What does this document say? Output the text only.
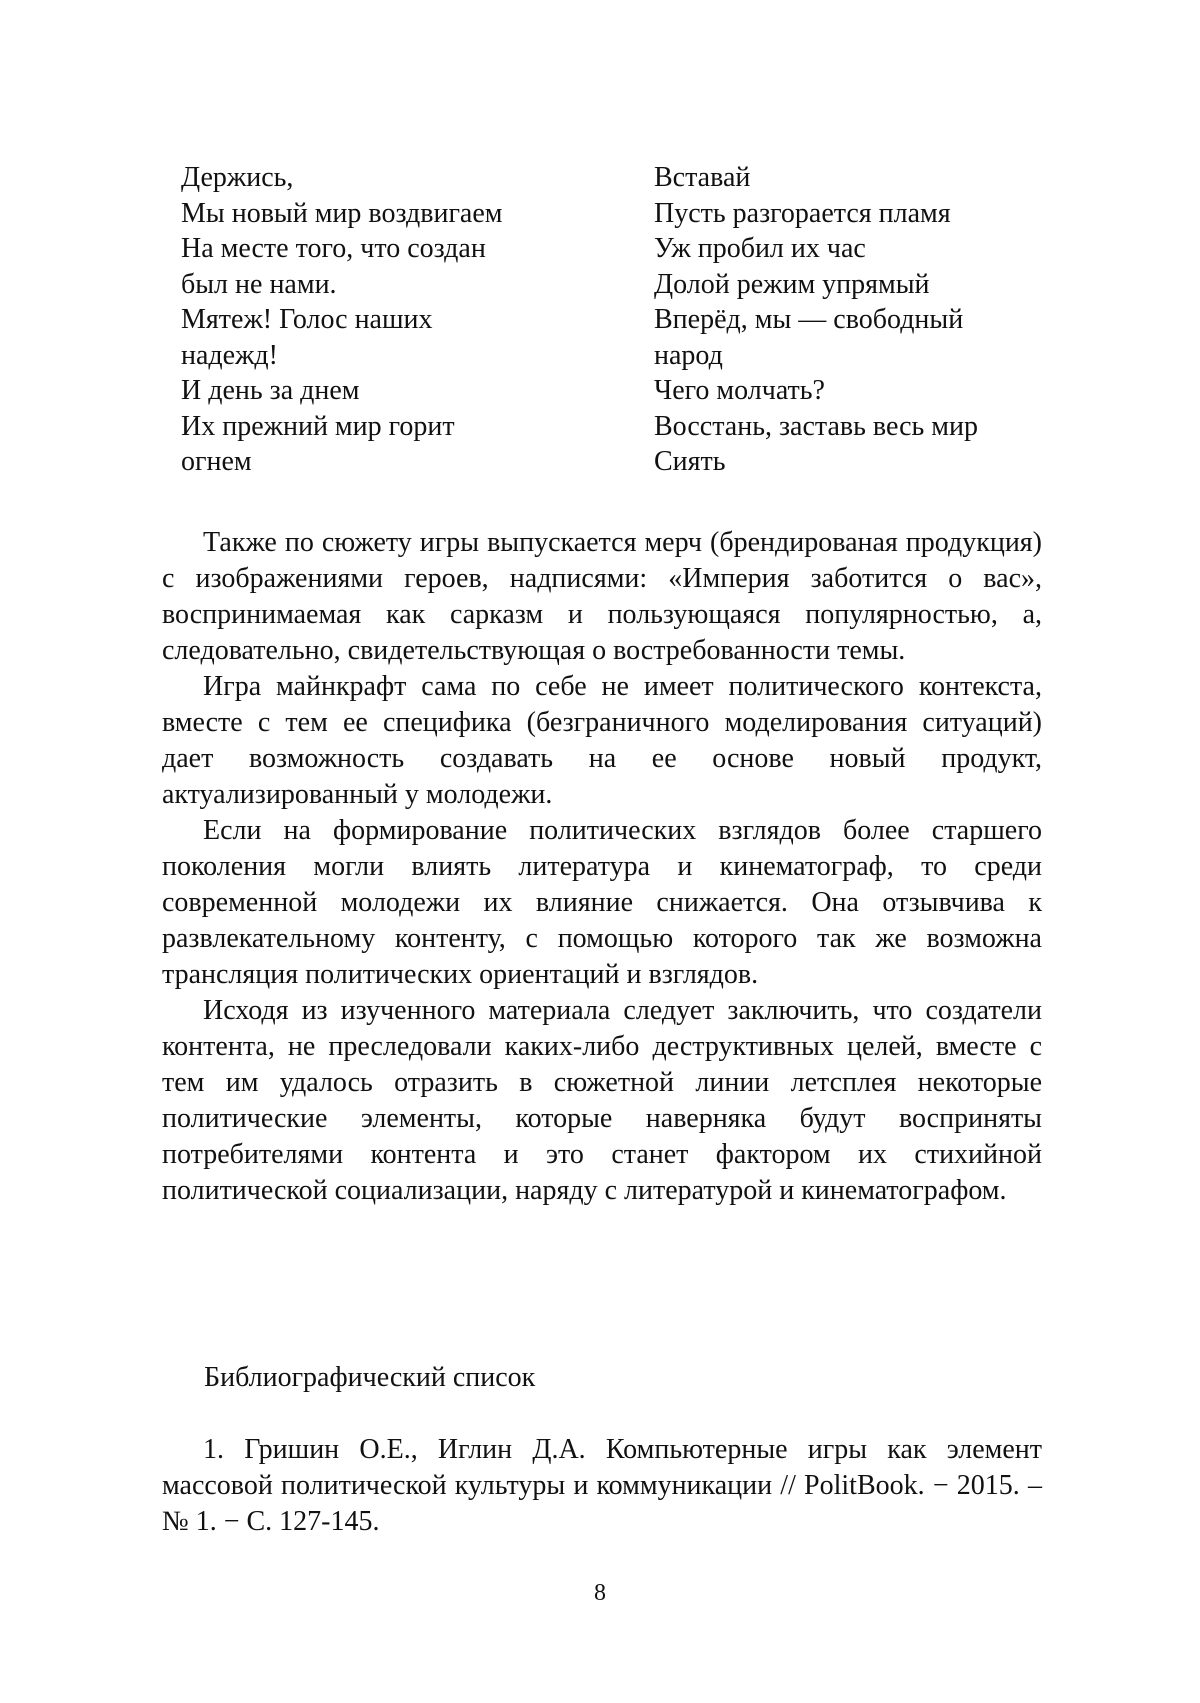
Держись,

Мы новый мир воздвигаем

На месте того, что создан

был не нами.

Мятеж! Голос наших

надежд!

И день за днем

Их прежний мир горит

огнем

Вставай

Пусть разгорается пламя

Уж пробил их час

Долой режим упрямый

Вперёд, мы — свободный

народ

Чего молчать?

Восстань, заставь весь мир

Сиять

Также по сюжету игры выпускается мерч (брендированая продукция) с изображениями героев, надписями: «Империя заботится о вас», воспринимаемая как сарказм и пользующаяся популярностью, а, следовательно, свидетельствующая о востребованности темы.

Игра майнкрафт сама по себе не имеет политического контекста, вместе с тем ее специфика (безграничного моделирования ситуаций) дает возможность создавать на ее основе новый продукт, актуализированный у молодежи.

Если на формирование политических взглядов более старшего поколения могли влиять литература и кинематограф, то среди современной молодежи их влияние снижается. Она отзывчива к развлекательному контенту, с помощью которого так же возможна трансляция политических ориентаций и взглядов.

Исходя из изученного материала следует заключить, что создатели контента, не преследовали каких-либо деструктивных целей, вместе с тем им удалось отразить в сюжетной линии летсплея некоторые политические элементы, которые наверняка будут восприняты потребителями контента и это станет фактором их стихийной политической социализации, наряду с литературой и кинематографом.

Библиографический список

1. Гришин О.Е., Иглин Д.А. Компьютерные игры как элемент массовой политической культуры и коммуникации // PolitBook. − 2015. – № 1. − С. 127-145.

8
